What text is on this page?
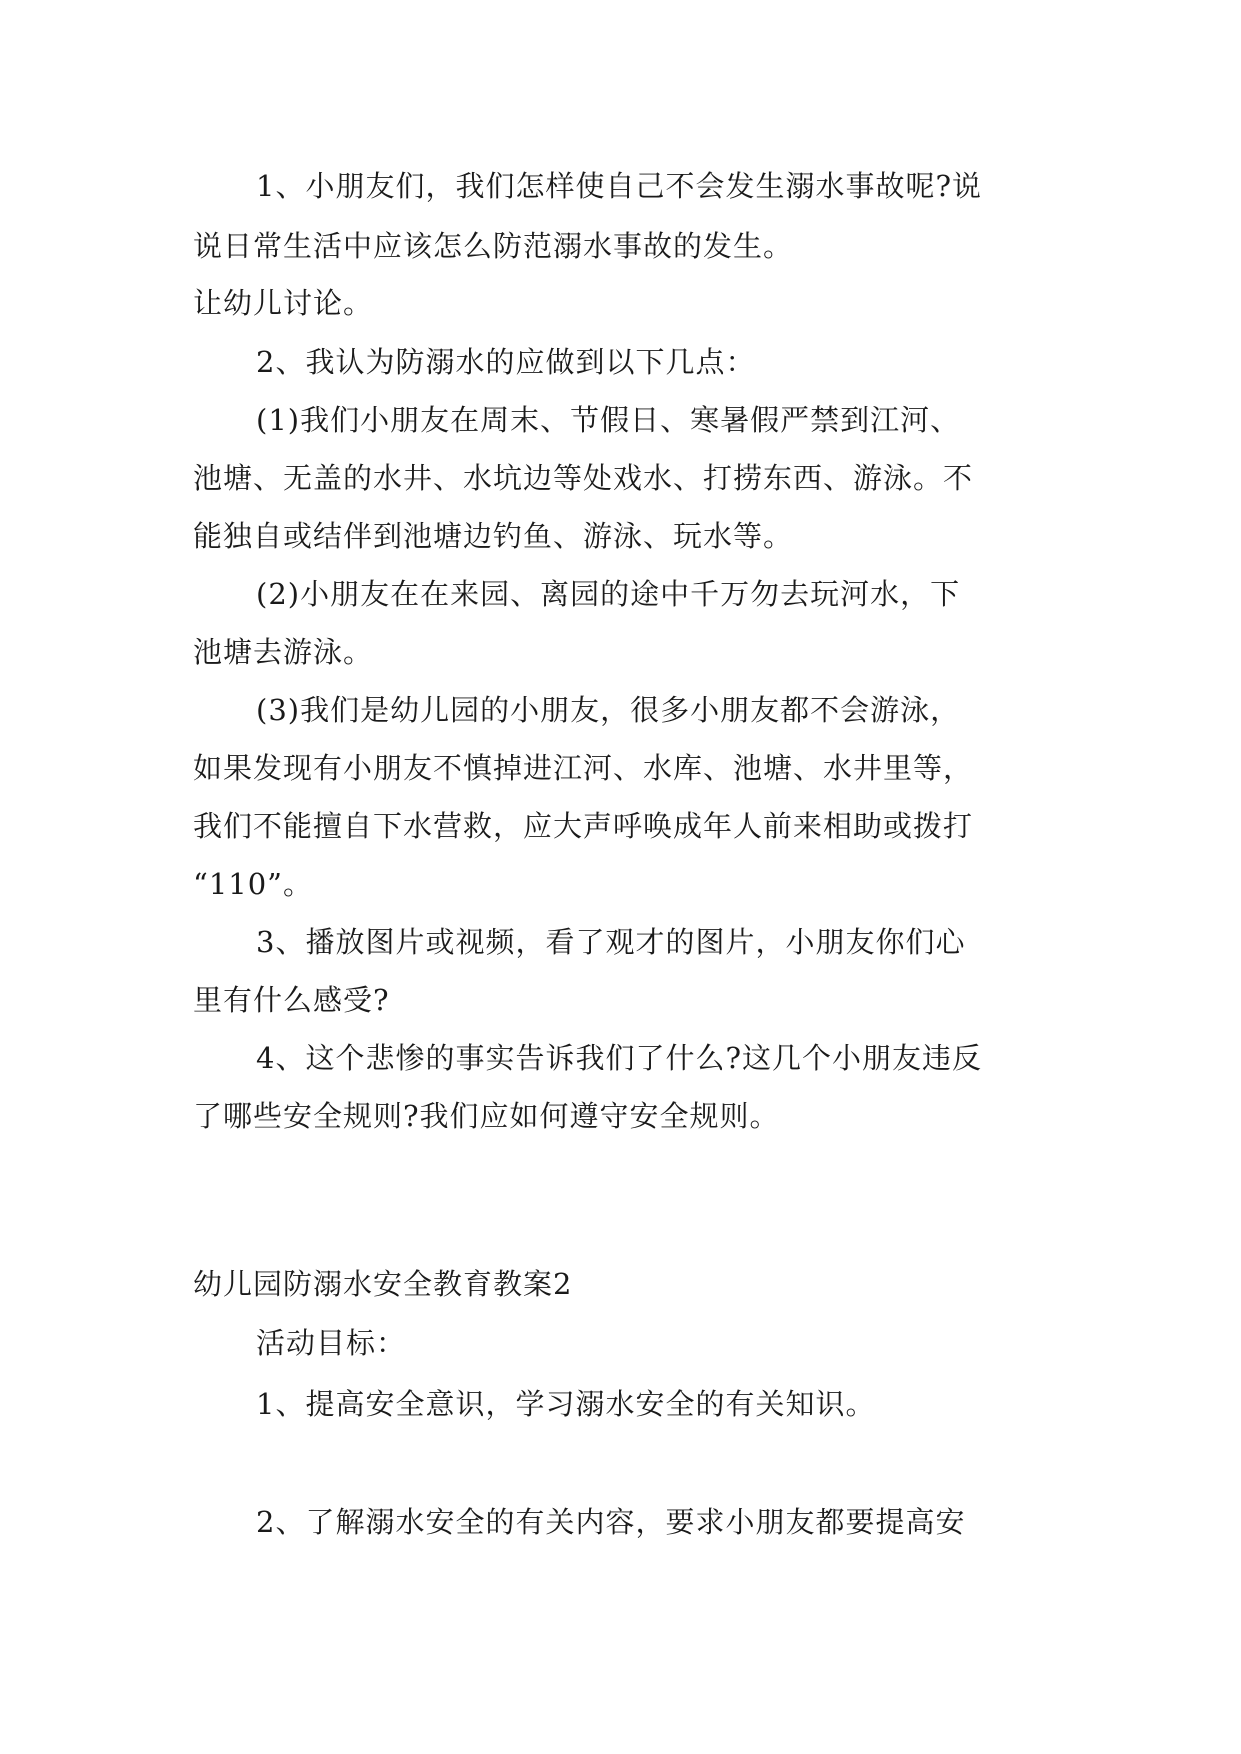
1、小朋友们，我们怎样使自己不会发生溺水事故呢?说
说日常生活中应该怎么防范溺水事故的发生。
让幼儿讨论。
2、我认为防溺水的应做到以下几点：
(1)我们小朋友在周末、节假日、寒暑假严禁到江河、
池塘、无盖的水井、水坑边等处戏水、打捞东西、游泳。不
能独自或结伴到池塘边钓鱼、游泳、玩水等。
(2)小朋友在在来园、离园的途中千万勿去玩河水，下
池塘去游泳。
(3)我们是幼儿园的小朋友，很多小朋友都不会游泳，
如果发现有小朋友不慎掉进江河、水库、池塘、水井里等，
我们不能擅自下水营救，应大声呼唤成年人前来相助或拨打
“110”。
3、播放图片或视频，看了观才的图片，小朋友你们心
里有什么感受?
4、这个悲惨的事实告诉我们了什么?这几个小朋友违反
了哪些安全规则?我们应如何遵守安全规则。
幼儿园防溺水安全教育教案2
活动目标：
1、提高安全意识，学习溺水安全的有关知识。
2、了解溺水安全的有关内容，要求小朋友都要提高安
